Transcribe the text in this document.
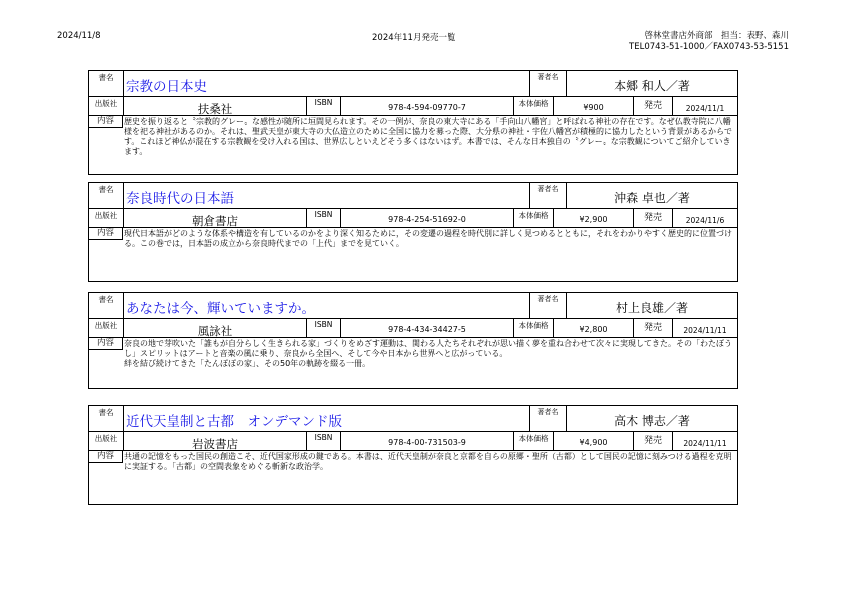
2024/11/8	2024年11月発売一覧	啓林堂書店外商部　担当：表野、森川
TEL0743-51-1000／FAX0743-53-5151
書名
宗教の日本史
著者名
本郷 和人／著
出版社	扶桑社	ISBN
978-4-594-09770-7	本体価格	¥900	発売	2024/11/1
内容	歴史を振り返ると〝宗教的グレー〟な感性が随所に垣間見られます。その一例が、奈良の東大寺にある「手向山八幡宮」と呼ばれる神社の存在です。なぜ仏教寺院に八幡様を祀る神社があるのか。それは、聖武天皇が東大寺の大仏造立のために全国に協力を募った際、大分県の神社・宇佐八幡宮が積極的に協力したという背景があるからです。これほど神仏が混在する宗教観を受け入れる国は、世界広しといえどそう多くはないはず。本書では、そんな日本独自の〝グレー〟な宗教観についてご紹介していきます。
書名
奈良時代の日本語
著者名
沖森 卓也／著
出版社	朝倉書店	ISBN
978-4-254-51692-0	本体価格	¥2,900	発売	2024/11/6
内容	現代日本語がどのような体系や構造を有しているのかをより深く知るために，その変遷の過程を時代別に詳しく見つめるとともに，それをわかりやすく歴史的に位置づける。この巻では，日本語の成立から奈良時代までの「上代」までを見ていく。
書名
あなたは今、輝いていますか。
著者名
村上良雄／著
出版社	風詠社	ISBN
978-4-434-34427-5	本体価格	¥2,800	発売	2024/11/11
内容	奈良の地で芽吹いた「誰もが自分らしく生きられる家」づくりをめざす運動は、関わる人たちそれぞれが思い描く夢を重ね合わせて次々に実現してきた。その「わたぼうし」スピリットはアートと音楽の風に乗り、奈良から全国へ、そして今や日本から世界へと広がっている。
絆を結び続けてきた「たんぽぽの家」、その50年の軌跡を綴る一冊。
書名
近代天皇制と古都　オンデマンド版
著者名
高木 博志／著
出版社	岩波書店	ISBN
978-4-00-731503-9	本体価格	¥4,900	発売	2024/11/11
内容	共通の記憶をもった国民の創造こそ、近代国家形成の鍵である。本書は、近代天皇制が奈良と京都を自らの原郷・聖所（古都）として国民の記憶に刻みつける過程を克明に実証する。「古都」の空間表象をめぐる斬新な政治学。
